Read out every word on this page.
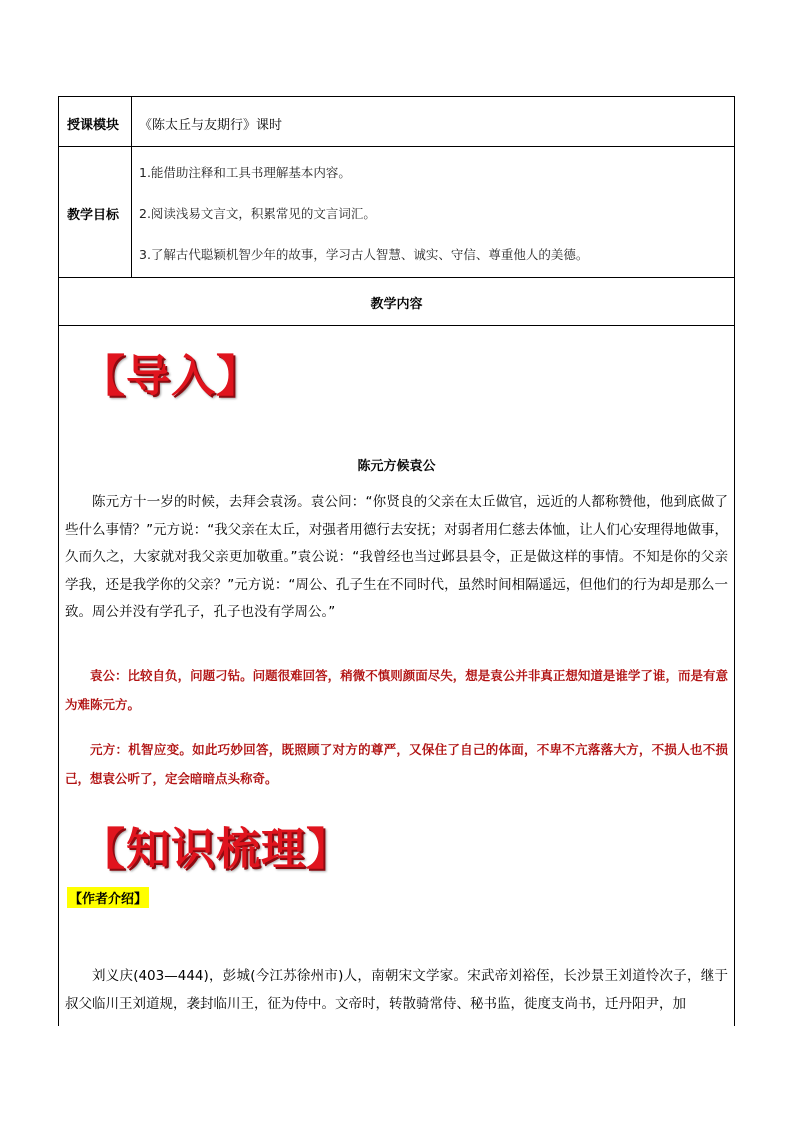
授课模块 《陈太丘与友期行》课时
教学目标
1.能借助注释和工具书理解基本内容。
2.阅读浅易文言文，积累常见的文言词汇。
3.了解古代聪颖机智少年的故事，学习古人智慧、诚实、守信、尊重他人的美德。
教学内容
【导入】
陈元方候袁公
陈元方十一岁的时候，去拜会袁汤。袁公问：“你贤良的父亲在太丘做官，远近的人都称赞他，他到底做了些什么事情？”元方说：“我父亲在太丘，对强者用德行去安抚；对弱者用仁慈去体恤，让人们心安理得地做事，久而久之，大家就对我父亲更加敬重。”袁公说：“我曾经也当过邺县县令，正是做这样的事情。不知是你的父亲学我，还是我学你的父亲？”元方说：“周公、孔子生在不同时代，虽然时间相隔遥远，但他们的行为却是那么一致。周公并没有学孔子，孔子也没有学周公。”
袁公：比较自负，问题刁钻。问题很难回答，稍微不慎则颜面尽失，想是袁公并非真正想知道是谁学了谁，而是有意为难陈元方。
元方：机智应变。如此巧妙回答，既照顾了对方的尊严，又保住了自己的体面，不卑不亢落落大方，不损人也不损己，想袁公听了，定会暗暗点头称奇。
【知识梳理】
【作者介绍】
刘义庆(403—444)，彭城(今江苏徐州市)人，南朝宋文学家。宋武帝刘裕侄，长沙景王刘道怜次子，继于叔父临川王刘道规，袭封临川王，征为侍中。文帝时，转散骑常侍、秘书监，徙度支尚书，迁丹阳尹，加
